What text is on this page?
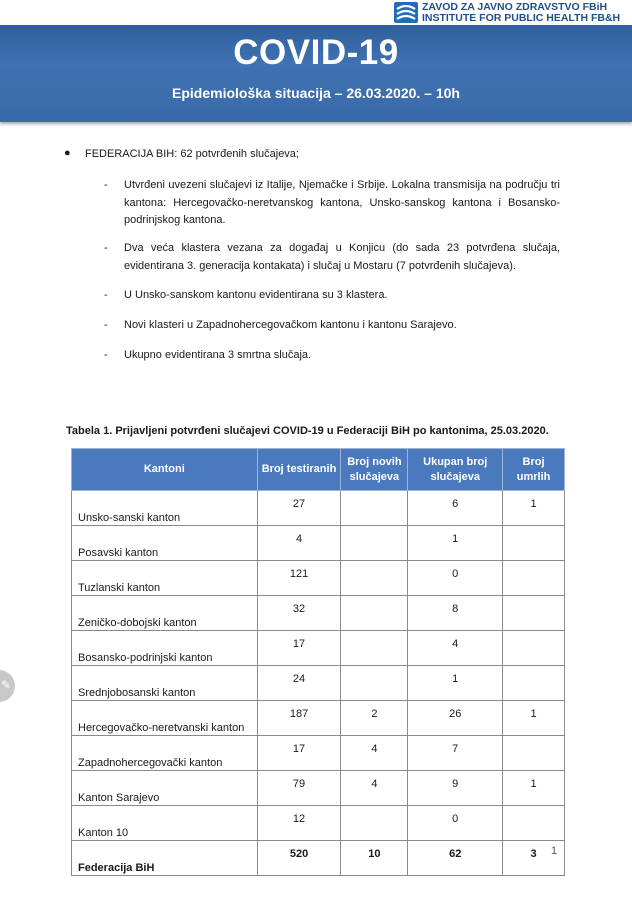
COVID-19
Epidemiološka situacija – 26.03.2020. – 10h
ZAVOD ZA JAVNO ZDRAVSTVO FBiH
INSTITUTE FOR PUBLIC HEALTH FB&H
● FEDERACIJA BIH: 62 potvrđenih slučajeva;
- Utvrđeni uvezeni slučajevi iz Italije, Njemačke i Srbije. Lokalna transmisija na području tri kantona: Hercegovačko-neretvanskog kantona, Unsko-sanskog kantona i Bosansko-podrinjskog kantona.
- Dva veća klastera vezana za događaj u Konjicu (do sada 23 potvrđena slučaja, evidentirana 3. generacija kontakata) i slučaj u Mostaru (7 potvrđenih slučajeva).
- U Unsko-sanskom kantonu evidentirana su 3 klastera.
- Novi klasteri u Zapadnohercegovačkom kantonu i kantonu Sarajevo.
- Ukupno evidentirana 3 smrtna slučaja.
Tabela 1. Prijavljeni potvrđeni slučajevi COVID-19 u Federaciji BiH po kantonima, 25.03.2020.
Kantoni	Broj testiranih	Broj novih slučajeva	Ukupan broj slučajeva	Broj umrlih
Unsko-sanski kanton	27		6	1
Posavski kanton	4		1	
Tuzlanski kanton	121		0	
Zeničko-dobojski kanton	32		8	
Bosansko-podrinjski kanton	17		4	
Srednjobosanski kanton	24		1	
Hercegovačko-neretvanski kanton	187	2	26	1
Zapadnohercegovački kanton	17	4	7	
Kanton Sarajevo	79	4	9	1
Kanton 10	12		0	
Federacija BiH	520	10	62	3 1
✎
